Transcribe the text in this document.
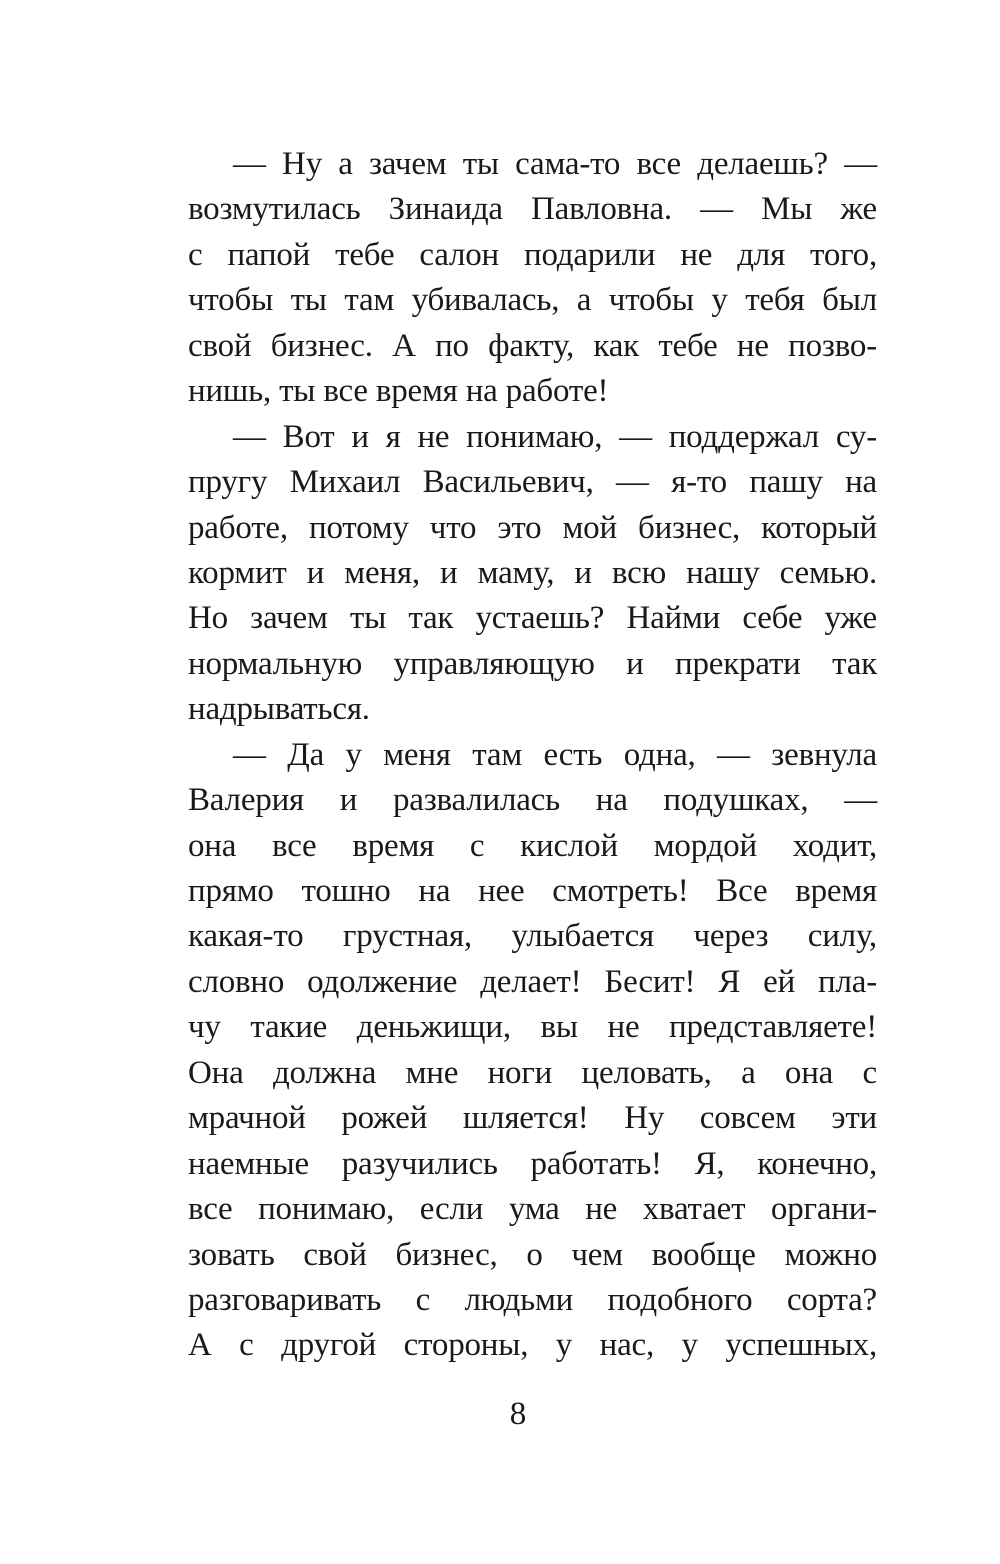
— Ну а зачем ты сама-то все делаешь? —
возмутилась Зинаида Павловна. — Мы же
с папой тебе салон подарили не для того,
чтобы ты там убивалась, а чтобы у тебя был
свой бизнес. А по факту, как тебе не позво-
нишь, ты все время на работе!
— Вот и я не понимаю, — поддержал су-
пругу Михаил Васильевич, — я-то пашу на
работе, потому что это мой бизнес, который
кормит и меня, и маму, и всю нашу семью.
Но зачем ты так устаешь? Найми себе уже
нормальную управляющую и прекрати так
надрываться.
— Да у меня там есть одна, — зевнула
Валерия и развалилась на подушках, —
она все время с кислой мордой ходит,
прямо тошно на нее смотреть! Все время
какая-то грустная, улыбается через силу,
словно одолжение делает! Бесит! Я ей пла-
чу такие деньжищи, вы не представляете!
Она должна мне ноги целовать, а она с
мрачной рожей шляется! Ну совсем эти
наемные разучились работать! Я, конечно,
все понимаю, если ума не хватает органи-
зовать свой бизнес, о чем вообще можно
разговаривать с людьми подобного сорта?
А с другой стороны, у нас, у успешных,
8
